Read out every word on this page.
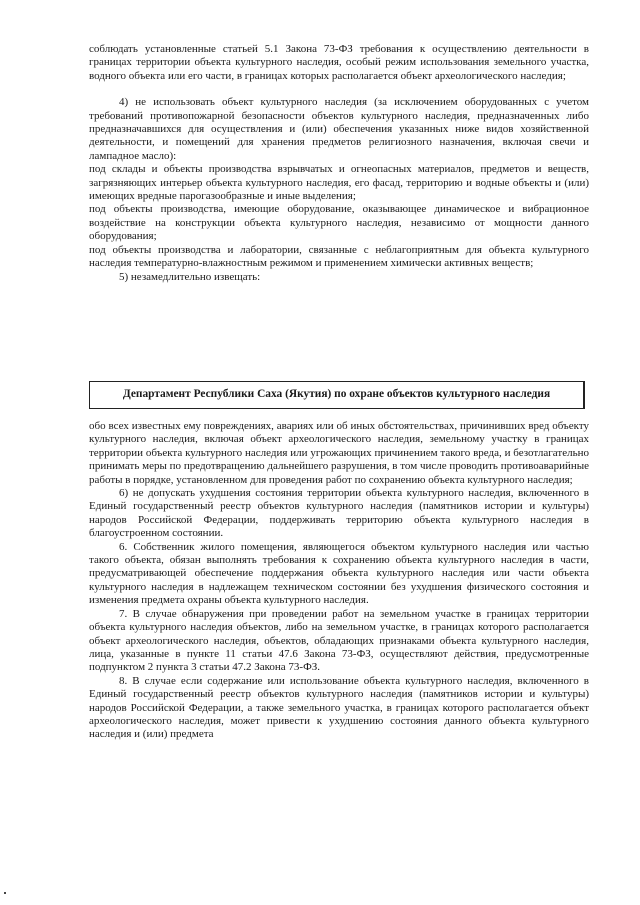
соблюдать установленные статьей 5.1 Закона 73-ФЗ требования к осуществлению деятельности в границах территории объекта культурного наследия, особый режим использования земельного участка, водного объекта или его части, в границах которых располагается объект археологического наследия;

4) не использовать объект культурного наследия (за исключением оборудованных с учетом требований противопожарной безопасности объектов культурного наследия, предназначенных либо предназначавшихся для осуществления и (или) обеспечения указанных ниже видов хозяйственной деятельности, и помещений для хранения предметов религиозного назначения, включая свечи и лампадное масло):

под склады и объекты производства взрывчатых и огнеопасных материалов, предметов и веществ, загрязняющих интерьер объекта культурного наследия, его фасад, территорию и водные объекты и (или) имеющих вредные парогазообразные и иные выделения;

под объекты производства, имеющие оборудование, оказывающее динамическое и вибрационное воздействие на конструкции объекта культурного наследия, независимо от мощности данного оборудования;

под объекты производства и лаборатории, связанные с неблагоприятным для объекта культурного наследия температурно-влажностным режимом и применением химически активных веществ;

5) незамедлительно извещать:

Департамент Республики Саха (Якутия) по охране объектов культурного наследия

обо всех известных ему повреждениях, авариях или об иных обстоятельствах, причинивших вред объекту культурного наследия, включая объект археологического наследия, земельному участку в границах территории объекта культурного наследия или угрожающих причинением такого вреда, и безотлагательно принимать меры по предотвращению дальнейшего разрушения, в том числе проводить противоаварийные работы в порядке, установленном для проведения работ по сохранению объекта культурного наследия;

6) не допускать ухудшения состояния территории объекта культурного наследия, включенного в Единый государственный реестр объектов культурного наследия (памятников истории и культуры) народов Российской Федерации, поддерживать территорию объекта культурного наследия в благоустроенном состоянии.

6. Собственник жилого помещения, являющегося объектом культурного наследия или частью такого объекта, обязан выполнять требования к сохранению объекта культурного наследия в части, предусматривающей обеспечение поддержания объекта культурного наследия или части объекта культурного наследия в надлежащем техническом состоянии без ухудшения физического состояния и изменения предмета охраны объекта культурного наследия.

7. В случае обнаружения при проведении работ на земельном участке в границах территории объекта культурного наследия объектов, либо на земельном участке, в границах которого располагается объект археологического наследия, объектов, обладающих признаками объекта культурного наследия, лица, указанные в пункте 11 статьи 47.6 Закона 73-ФЗ, осуществляют действия, предусмотренные подпунктом 2 пункта 3 статьи 47.2 Закона 73-ФЗ.

8. В случае если содержание или использование объекта культурного наследия, включенного в Единый государственный реестр объектов культурного наследия (памятников истории и культуры) народов Российской Федерации, а также земельного участка, в границах которого располагается объект археологического наследия, может привести к ухудшению состояния данного объекта культурного наследия и (или) предмета
